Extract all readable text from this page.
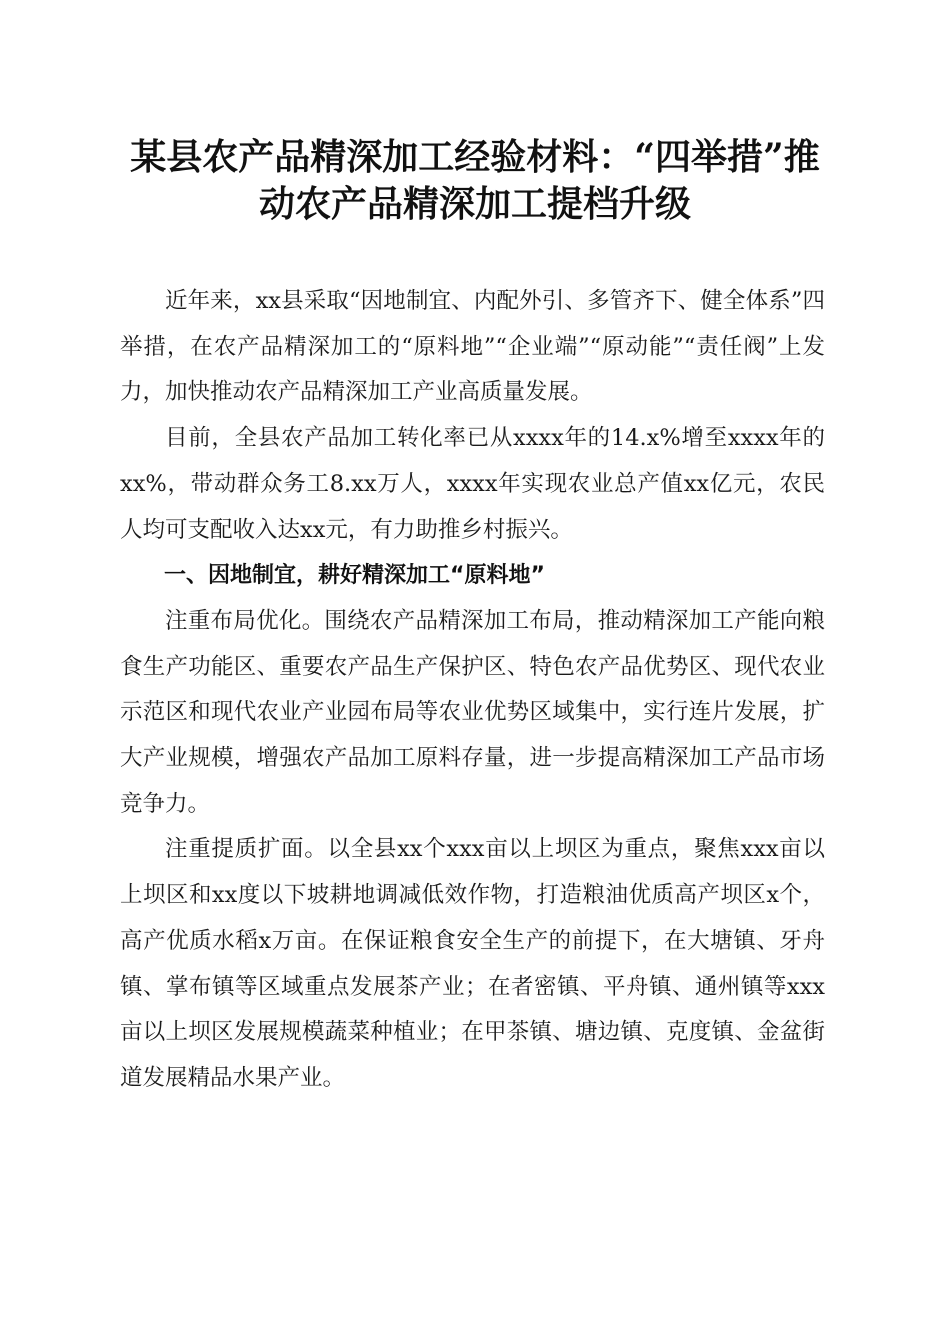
某县农产品精深加工经验材料：“四举措”推
动农产品精深加工提档升级

近年来，xx县采取“因地制宜、内配外引、多管齐下、健全体系”四举措，在农产品精深加工的“原料地”“企业端”“原动能”“责任阀”上发力，加快推动农产品精深加工产业高质量发展。

目前，全县农产品加工转化率已从xxxx年的14.x%增至xxxx年的xx%，带动群众务工8.xx万人，xxxx年实现农业总产值xx亿元，农民人均可支配收入达xx元，有力助推乡村振兴。

一、因地制宜，耕好精深加工“原料地”

注重布局优化。围绕农产品精深加工布局，推动精深加工产能向粮食生产功能区、重要农产品生产保护区、特色农产品优势区、现代农业示范区和现代农业产业园布局等农业优势区域集中，实行连片发展，扩大产业规模，增强农产品加工原料存量，进一步提高精深加工产品市场竞争力。

注重提质扩面。以全县xx个xxx亩以上坝区为重点，聚焦xxx亩以上坝区和xx度以下坡耕地调减低效作物，打造粮油优质高产坝区x个，高产优质水稻x万亩。在保证粮食安全生产的前提下，在大塘镇、牙舟镇、掌布镇等区域重点发展茶产业；在者密镇、平舟镇、通州镇等xxx亩以上坝区发展规模蔬菜种植业；在甲茶镇、塘边镇、克度镇、金盆街道发展精品水果产业。
